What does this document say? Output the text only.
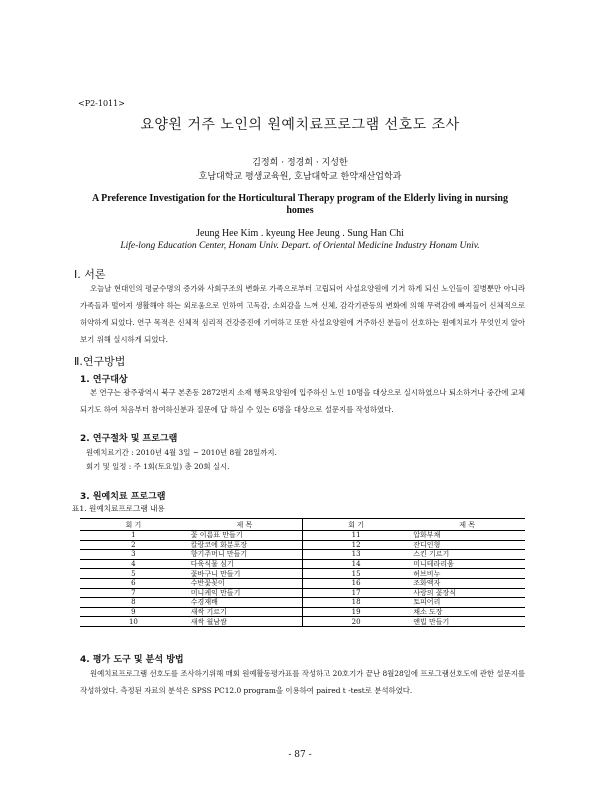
<P2-1011>
요양원 거주 노인의 원예치료프로그램 선호도 조사
김정희 · 정경희 · 지성한
호남대학교 평생교육원, 호남대학교 한약재산업학과
A Preference Investigation for the Horticultural Therapy program of the Elderly living in nursing homes
Jeung Hee Kim . kyeung Hee Jeung . Sung Han Chi
Life-long Education Center, Honam Univ. Depart. of Oriental Medicine Industry Honam Univ.
Ⅰ. 서론

오늘날 현대인의 평균수명의 증가와 사회구조의 변화로 가족으로부터 고립되어 사설요양원에 기거 하게 되신 노인들이 질병뿐만 아니라 가족들과 떨어져 생활해야 하는 외로움으로 인하여 고독감, 소외감을 느껴 신체, 감각기관등의 변화에 의해 무력감에 빠져들어 신체적으로 허약하게 되었다. 연구 목적은 신체적 심리적 건강증진에 기여하고 또한 사설요양원에 거주하신 분들이 선호하는 원예치료가 무엇인지 알아보기 위해 실시하게 되었다.

Ⅱ.연구방법
1. 연구대상

본 연구는 광주광역시 북구 본촌동 2872번지 소재 행복요양원에 입주하신 노인 10명을 대상으로 실시하였으나 퇴소하거나 중간에 교체되기도 하여 처음부터 참여하신분과 질문에 답 하실 수 있는 6명을 대상으로 설문지를 작성하였다.

2. 연구절차 및 프로그램
원예치료기간 : 2010년 4월 3일 ~ 2010년 8월 28일까지.
회기 및 일정 : 주 1회(토요일) 총 20회 실시.
3. 원예치료 프로그램
표1. 원예치료프로그램 내용
회 기	제 목	회 기	제 목
1	꽃 이름표 만들기	11	압화부채
2	칼랑코에 화분포장	12	잔디인형
3	향기주머니 만들기	13	스킨 기르기
4	다육식물 심기	14	미니테라리움
5	꽃바구니 만들기	15	허브비누
6	수반꽃꽂이	16	조화액자
7	미니케익 만들기	17	사랑의 꽃장식
8	수경재배	18	토피어리
9	새싹 기르기	19	채소 도장
10	새싹 월남쌈	20	앤빕 만들기
4. 평가 도구 및 분석 방법

원예치료프로그램 선호도를 조사하기위해 매회 원예활동평가표를 작성하고 20호기가 끝난 8월28일에 프로그램선호도에 관한 설문지를 작성하였다. 측정된 자료의 분석은 SPSS PC12.0 program을 이용하여 paired t -test로 분석하였다.

- 87 -
